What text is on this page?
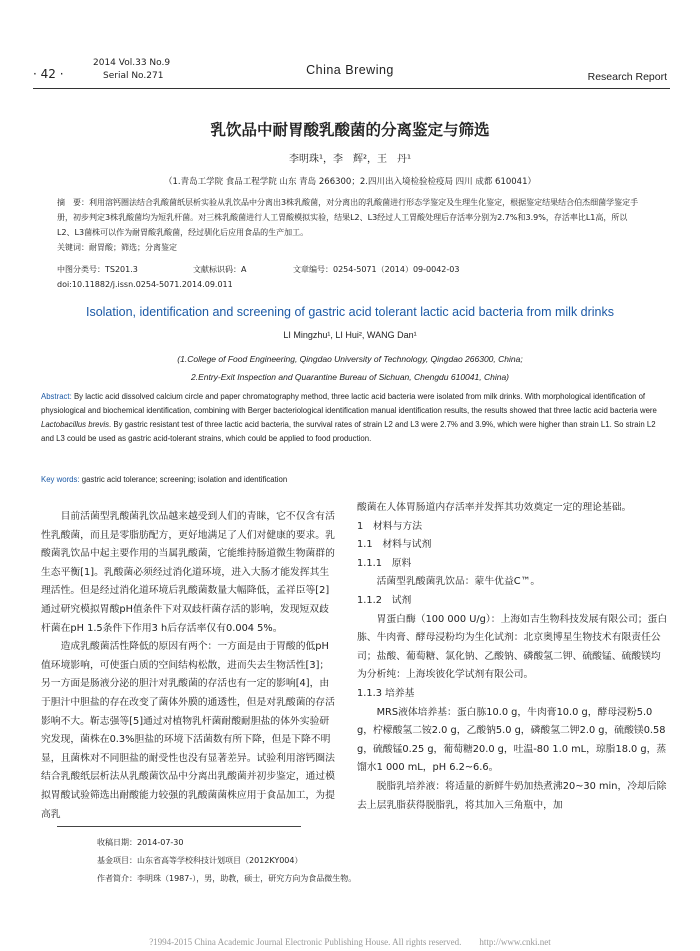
· 42 ·
2014 Vol.33 No.9
Serial No.271	China Brewing	Research Report
乳饮品中耐胃酸乳酸菌的分离鉴定与筛选
李明珠¹，李　辉²，王　丹¹
（1.青岛工学院 食品工程学院 山东 青岛 266300；2.四川出入境检验检疫局 四川 成都 610041）

摘　要：利用溶钙圈法结合乳酸菌纸层析实验从乳饮品中分离出3株乳酸菌，对分离出的乳酸菌进行形态学鉴定及生理生化鉴定，根据鉴定结果结合伯杰细菌学鉴定手册，初步判定3株乳酸菌均为短乳杆菌。对三株乳酸菌进行人工胃酸模拟实验，结果L2、L3经过人工胃酸处理后存活率分别为2.7%和3.9%，存活率比L1高，所以L2、L3菌株可以作为耐胃酸乳酸菌，经过驯化后应用食品的生产加工。

关键词：耐胃酸；筛选；分离鉴定

中图分类号：TS201.3	文献标识码：A	文章编号：0254-5071（2014）09-0042-03
doi:10.11882/j.issn.0254-5071.2014.09.011
Isolation, identification and screening of gastric acid tolerant lactic acid bacteria from milk drinks
LI Mingzhu¹, LI Hui², WANG Dan¹
(1.College of Food Engineering, Qingdao University of Technology, Qingdao 266300, China;
2.Entry-Exit Inspection and Quarantine Bureau of Sichuan, Chengdu 610041, China)

Abstract: By lactic acid dissolved calcium circle and paper chromatography method, three lactic acid bacteria were isolated from milk drinks. With morphological identification of physiological and biochemical identification, combining with Berger bacteriological identification manual identification results, the results showed that three lactic acid bacteria were Lactobacillus brevis. By gastric resistant test of three lactic acid bacteria, the survival rates of strain L2 and L3 were 2.7% and 3.9%, which were higher than strain L1. So strain L2 and L3 could be used as gastric acid-tolerant strains, which could be applied to food production.

Key words: gastric acid tolerance; screening; isolation and identification

目前活菌型乳酸菌乳饮品越来越受到人们的青睐，它不仅含有活性乳酸菌，而且是零脂肪配方，更好地满足了人们对健康的要求。乳酸菌乳饮品中起主要作用的当属乳酸菌，它能维持肠道微生物菌群的生态平衡[1]。乳酸菌必须经过消化道环境，进入大肠才能发挥其生理活性。但是经过消化道环境后乳酸菌数量大幅降低，孟祥臣等[2]通过研究模拟胃酸pH值条件下对双歧杆菌存活的影响，发现短双歧杆菌在pH 1.5条件下作用3 h后存活率仅有0.004 5%。

造成乳酸菌活性降低的原因有两个：一方面是由于胃酸的低pH值环境影响，可使蛋白质的空间结构松散，进而失去生物活性[3]；另一方面是肠液分泌的胆汁对乳酸菌的存活也有一定的影响[4]，由于胆汁中胆盐的存在改变了菌体外膜的通透性，但是对乳酸菌的存活影响不大。靳志强等[5]通过对植物乳杆菌耐酸耐胆盐的体外实验研究发现，菌株在0.3%胆盐的环境下活菌数有所下降，但是下降不明显，且菌株对不同胆盐的耐受性也没有显著差异。试验利用溶钙圈法结合乳酸纸层析法从乳酸菌饮品中分离出乳酸菌并初步鉴定，通过模拟胃酸试验筛选出耐酸能力较强的乳酸菌菌株应用于食品加工，为提高乳

酸菌在人体胃肠道内存活率并发挥其功效奠定一定的理论基础。

1　材料与方法

1.1　材料与试剂

1.1.1　原料

活菌型乳酸菌乳饮品：蒙牛优益C™。

1.1.2　试剂

胃蛋白酶（100 000 U/g）：上海如吉生物科技发展有限公司；蛋白胨、牛肉膏、酵母浸粉均为生化试剂：北京奥博星生物技术有限责任公司；盐酸、葡萄糖、氯化钠、乙酸钠、磷酸氢二钾、硫酸锰、硫酸镁均为分析纯：上海埃彼化学试剂有限公司。

1.1.3 培养基

MRS液体培养基：蛋白胨10.0 g，牛肉膏10.0 g，酵母浸粉5.0 g，柠檬酸氢二铵2.0 g，乙酸钠5.0 g，磷酸氢二钾2.0 g，硫酸镁0.58 g，硫酸锰0.25 g，葡萄糖20.0 g，吐温-80 1.0 mL，琼脂18.0 g，蒸馏水1 000 mL，pH 6.2~6.6。

脱脂乳培养液：将适量的新鲜牛奶加热煮沸20~30 min，冷却后除去上层乳脂获得脱脂乳，将其加入三角瓶中，加

收稿日期：2014-07-30
基金项目：山东省高等学校科技计划项目（2012KY004）
作者简介：李明珠（1987-），男，助教，硕士，研究方向为食品微生物。
?1994-2015 China Academic Journal Electronic Publishing House. All rights reserved.　　http://www.cnki.net
